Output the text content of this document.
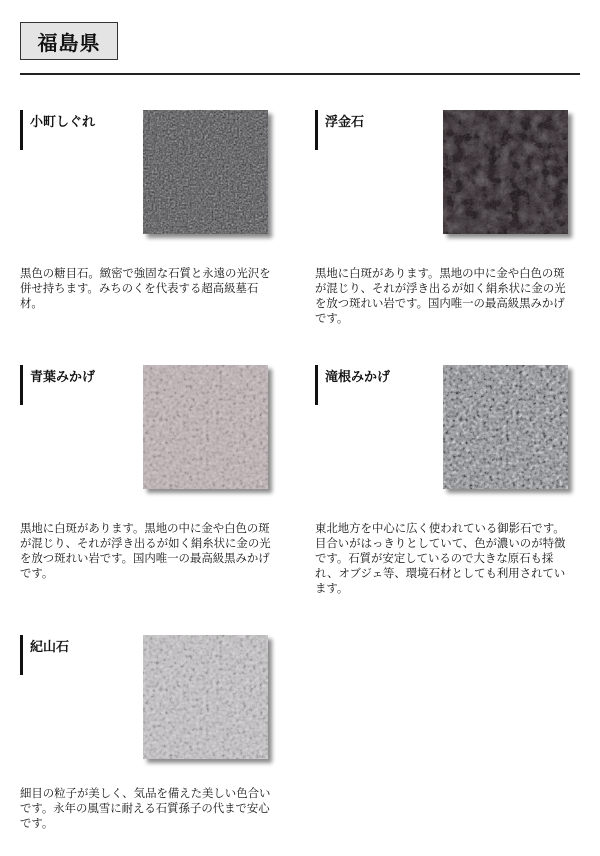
福島県
小町しぐれ
黒色の糖目石。緻密で強固な石質と永遠の光沢を併せ持ちます。みちのくを代表する超高級墓石材。
浮金石
黒地に白斑があります。黒地の中に金や白色の斑が混じり、それが浮き出るが如く絹糸状に金の光を放つ斑れい岩です。国内唯一の最高級黒みかげです。
青葉みかげ
黒地に白斑があります。黒地の中に金や白色の斑が混じり、それが浮き出るが如く絹糸状に金の光を放つ斑れい岩です。国内唯一の最高級黒みかげです。
滝根みかげ
東北地方を中心に広く使われている御影石です。目合いがはっきりとしていて、色が濃いのが特徴です。石質が安定しているので大きな原石も採れ、オブジェ等、環境石材としても利用されています。
紀山石
細目の粒子が美しく、気品を備えた美しい色合いです。永年の風雪に耐える石質孫子の代まで安心です。
